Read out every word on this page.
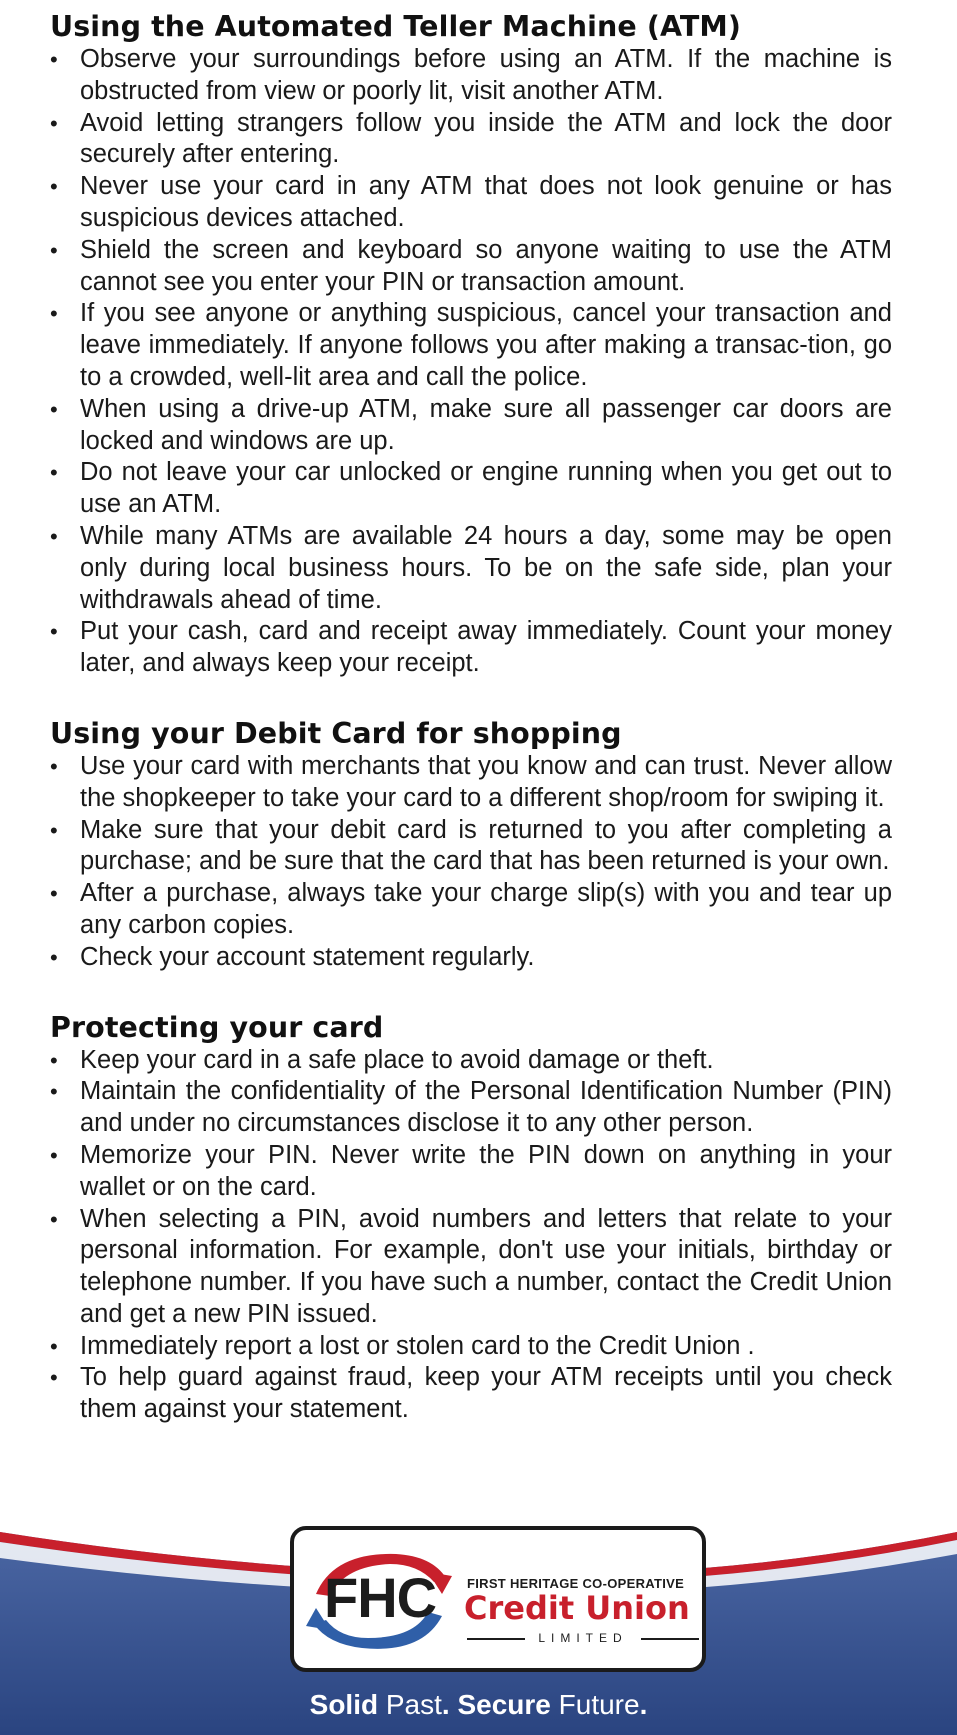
Using the Automated Teller Machine (ATM)
• Observe your surroundings before using an ATM. If the machine is obstructed from view or poorly lit, visit another ATM.
• Avoid letting strangers follow you inside the ATM and lock the door securely after entering.
• Never use your card in any ATM that does not look genuine or has suspicious devices attached.
• Shield the screen and keyboard so anyone waiting to use the ATM cannot see you enter your PIN or transaction amount.
• If you see anyone or anything suspicious, cancel your transaction and leave immediately. If anyone follows you after making a transac-tion, go to a crowded, well-lit area and call the police.
• When using a drive-up ATM, make sure all passenger car doors are locked and windows are up.
• Do not leave your car unlocked or engine running when you get out to use an ATM.
• While many ATMs are available 24 hours a day, some may be open only during local business hours. To be on the safe side, plan your withdrawals ahead of time.
• Put your cash, card and receipt away immediately. Count your money later, and always keep your receipt.
Using your Debit Card for shopping
• Use your card with merchants that you know and can trust. Never allow the shopkeeper to take your card to a different shop/room for swiping it.
• Make sure that your debit card is returned to you after completing a purchase; and be sure that the card that has been returned is your own.
• After a purchase, always take your charge slip(s) with you and tear up any carbon copies.
• Check your account statement regularly.
Protecting your card
• Keep your card in a safe place to avoid damage or theft.
• Maintain the confidentiality of the Personal Identification Number (PIN) and under no circumstances disclose it to any other person.
• Memorize your PIN. Never write the PIN down on anything in your wallet or on the card.
• When selecting a PIN, avoid numbers and letters that relate to your personal information. For example, don't use your initials, birthday or telephone number. If you have such a number, contact the Credit Union and get a new PIN issued.
• Immediately report a lost or stolen card to the Credit Union .
• To help guard against fraud, keep your ATM receipts until you check them against your statement.
FHC FIRST HERITAGE CO-OPERATIVE
Credit Union
LIMITED
Solid Past. Secure Future.
